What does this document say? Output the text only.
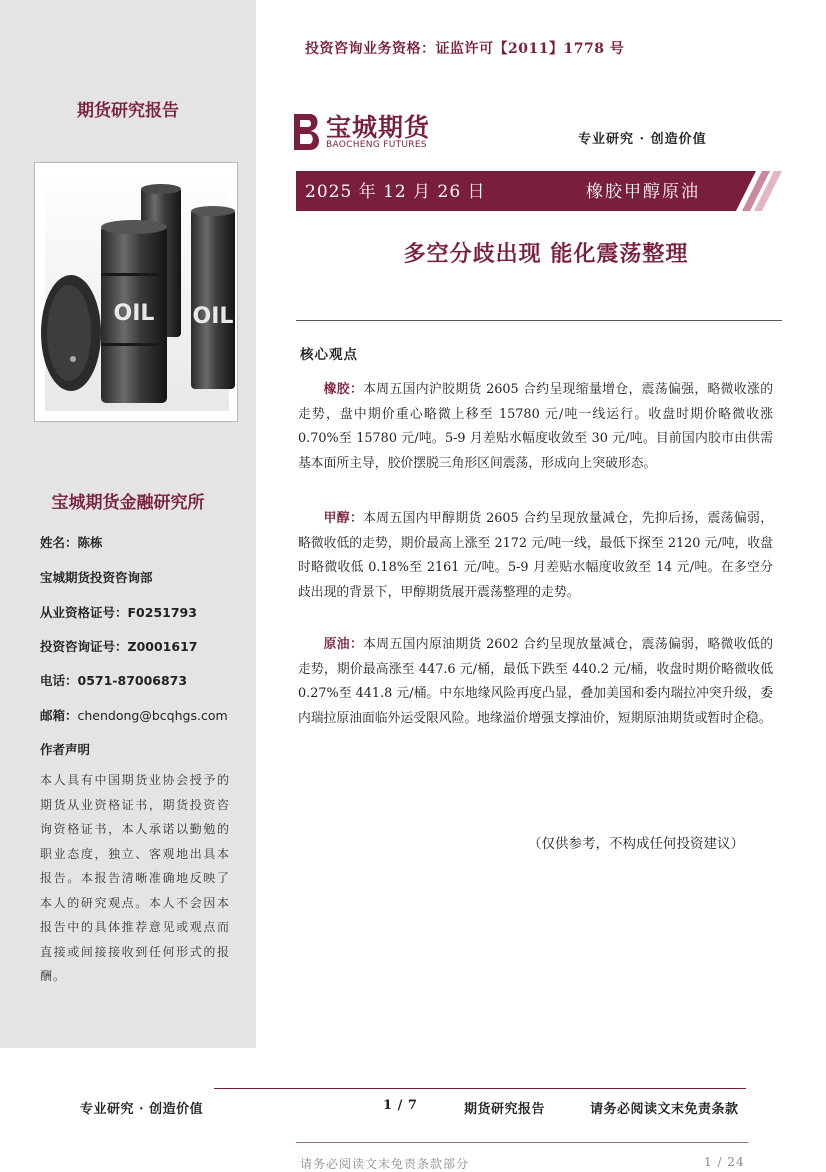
期货研究报告
OIL OIL
宝城期货金融研究所
姓名：陈栋
宝城期货投资咨询部
从业资格证号：F0251793
投资咨询证号：Z0001617
电话：0571-87006873
邮箱：chendong@bcqhgs.com
作者声明
本人具有中国期货业协会授予的期货从业资格证书，期货投资咨询资格证书，本人承诺以勤勉的职业态度，独立、客观地出具本报告。本报告清晰准确地反映了本人的研究观点。本人不会因本报告中的具体推荐意见或观点而直接或间接接收到任何形式的报酬。
投资咨询业务资格：证监许可【2011】1778 号
宝城期货
BAOCHENG FUTURES	专业研究 · 创造价值
2025 年 12 月 26 日	橡胶甲醇原油
多空分歧出现 能化震荡整理
核心观点
橡胶：本周五国内沪胶期货 2605 合约呈现缩量增仓，震荡偏强，略微收涨的走势，盘中期价重心略微上移至 15780 元/吨一线运行。收盘时期价略微收涨 0.70%至 15780 元/吨。5-9 月差贴水幅度收敛至 30 元/吨。目前国内胶市由供需基本面所主导，胶价摆脱三角形区间震荡，形成向上突破形态。
甲醇：本周五国内甲醇期货 2605 合约呈现放量减仓，先抑后扬，震荡偏弱，略微收低的走势，期价最高上涨至 2172 元/吨一线，最低下探至 2120 元/吨，收盘时略微收低 0.18%至 2161 元/吨。5-9 月差贴水幅度收敛至 14 元/吨。在多空分歧出现的背景下，甲醇期货展开震荡整理的走势。
原油：本周五国内原油期货 2602 合约呈现放量减仓，震荡偏弱，略微收低的走势，期价最高涨至 447.6 元/桶，最低下跌至 440.2 元/桶，收盘时期价略微收低 0.27%至 441.8 元/桶。中东地缘风险再度凸显，叠加美国和委内瑞拉冲突升级，委内瑞拉原油面临外运受限风险。地缘溢价增强支撑油价，短期原油期货或暂时企稳。
（仅供参考，不构成任何投资建议）
专业研究 · 创造价值	1 / 7	期货研究报告	请务必阅读文末免责条款
请务必阅读文末免责条款部分	1 / 24
